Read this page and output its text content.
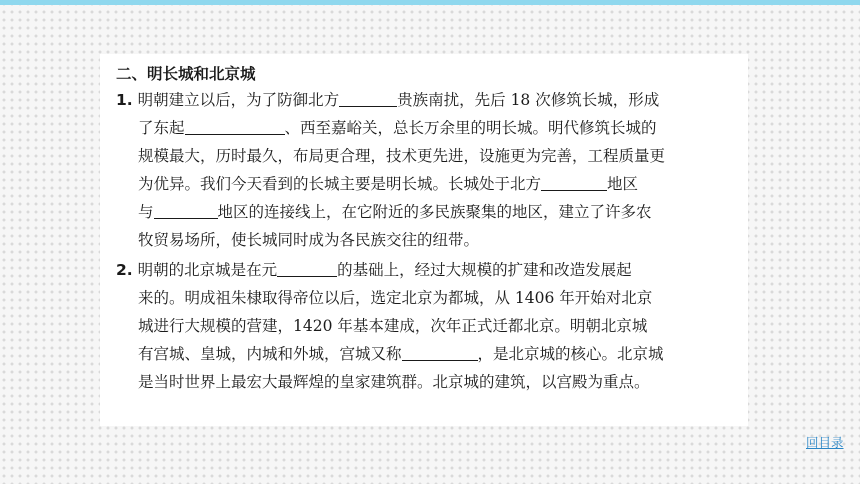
二、明长城和北京城
1. 明朝建立以后，为了防御北方	贵族南扰，先后 18 次修筑长城，形成
了东起	、西至嘉峪关，总长万余里的明长城。明代修筑长城的
规模最大，历时最久，布局更合理，技术更先进，设施更为完善，工程质量更
为优异。我们今天看到的长城主要是明长城。长城处于北方	地区
与	地区的连接线上，在它附近的多民族聚集的地区，建立了许多农
牧贸易场所，使长城同时成为各民族交往的纽带。
2. 明朝的北京城是在元	的基础上，经过大规模的扩建和改造发展起
来的。明成祖朱棣取得帝位以后，选定北京为都城，从 1406 年开始对北京
城进行大规模的营建，1420 年基本建成，次年正式迁都北京。明朝北京城
有宫城、皇城，内城和外城，宫城又称	，是北京城的核心。北京城
是当时世界上最宏大最辉煌的皇家建筑群。北京城的建筑，以宫殿为重点。
回目录
